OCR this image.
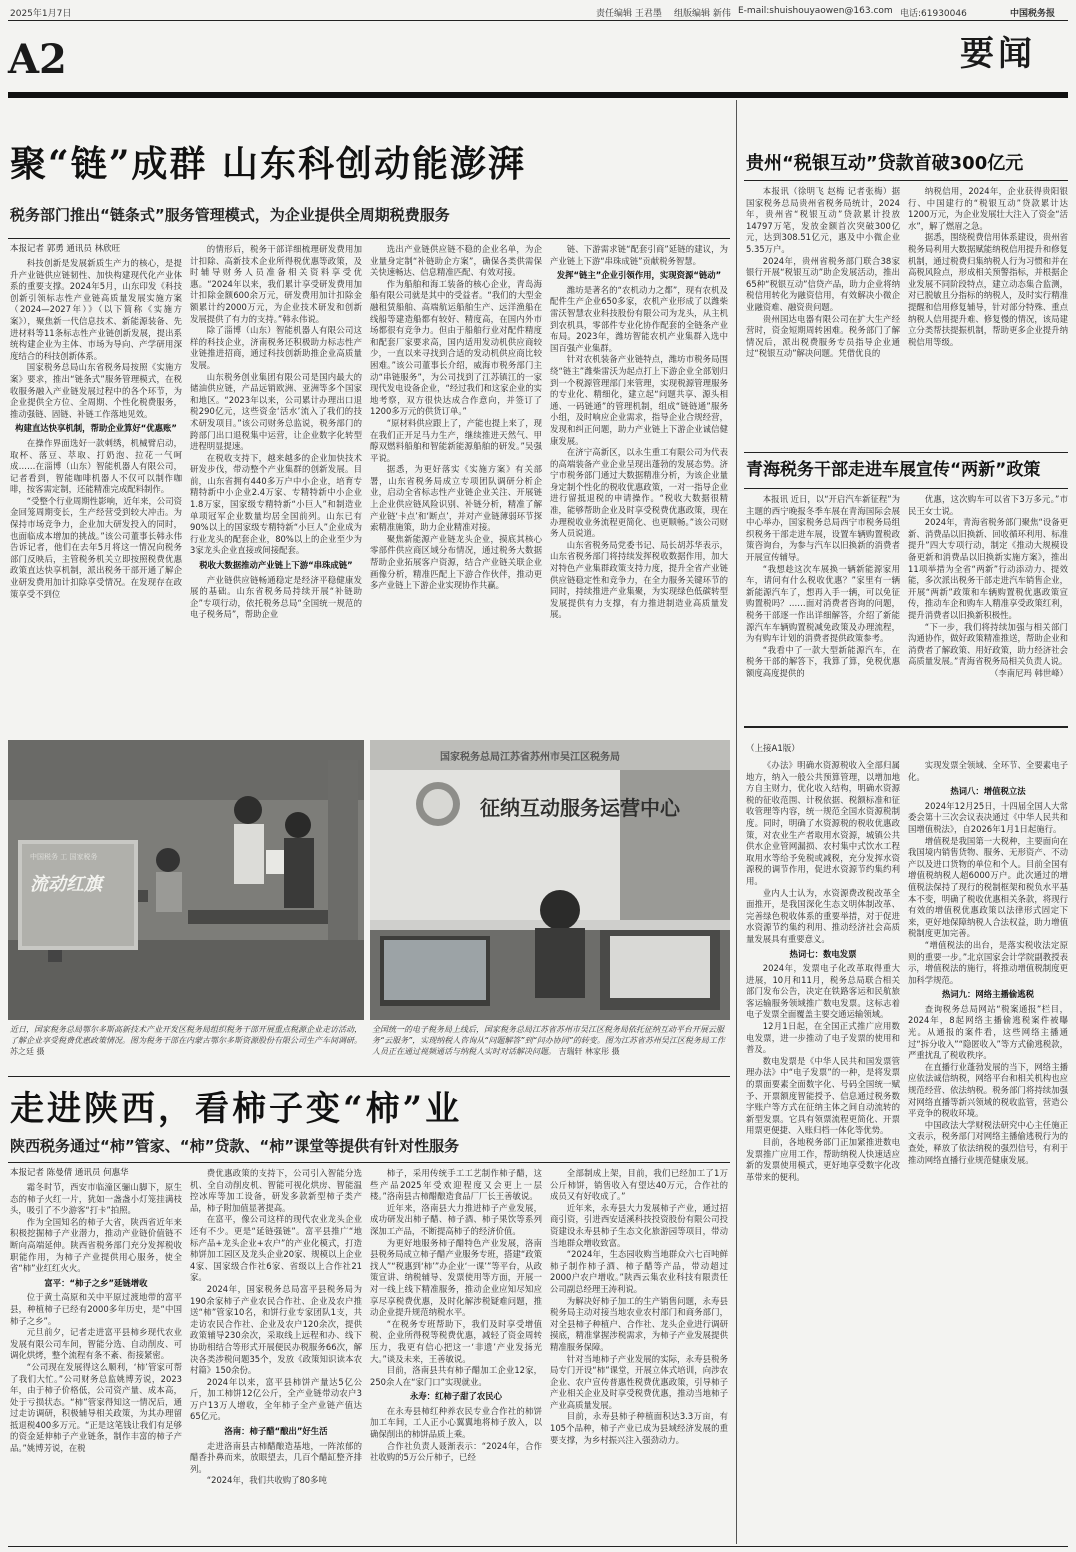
2025年1月7日	责任编辑 王君墨 组版编辑 新伟 E-mail:shuishouyaowen@163.com 电话:61930046	中国税务报
A2	要闻
聚“链”成群 山东科创动能澎湃
税务部门推出“链条式”服务管理模式，为企业提供全周期税费服务
本报记者 郭勇 通讯员 林欣旺

科技创新是发展新质生产力的核心，是提升产业链供应链韧性、加快构建现代化产业体系的重要支撑。2024年5月，山东印发《科技创新引领标志性产业链高质量发展实施方案（2024—2027年）》（以下简称《实施方案》），聚焦新一代信息技术、新能源装备、先进材料等11条标志性产业链创新发展，提出系统构建企业为主体、市场为导向、产学研用深度结合的科技创新体系。

国家税务总局山东省税务局按照《实施方案》要求，推出“链条式”服务管理模式，在税收服务融入产业链发展过程中的各个环节，为企业提供全方位、全周期、个性化税费服务，推动强链、固链、补链工作落地见效。

构建直达快享机制，帮助企业算好“优惠账”

在操作界面选好一款刺绣，机械臂启动，取杯、落豆、萃取、打奶泡、拉花一气呵成……在淄博（山东）智能机器人有限公司，记者看到，智能咖啡机器人不仅可以制作咖啡，按客需定制，还能精准完成配料制作。

“受整个行业周期性影响，近年来，公司资金回笼周期变长，生产经营受到较大冲击。为保持市场竞争力，企业加大研发投入的同时，也面临成本增加的挑战。”该公司董事长韩永伟告诉记者，他们在去年5月将这一情况向税务部门反映后，主管税务机关立即按照税费优惠政策直达快享机制，派出税务干部开通了解企业研发费用加计扣除享受情况。在发现存在政策享受不到位

的情形后，税务干部详细梳理研发费用加计扣除、高新技术企业所得税优惠等政策，及时辅导财务人员准备相关资料享受优惠。“2024年以来，我们累计享受研发费用加计扣除金额600余万元，研发费用加计扣除金额累计约2000万元，为企业技术研发和创新发展提供了有力的支持。”韩永伟说。

除了淄博（山东）智能机器人有限公司这样的科技企业，济南税务还积极助力标志性产业链推进招商，通过科技创新助推企业高质量发展。

山东税务创业集团有限公司是国内最大的储油供应链，产品远销欧洲、亚洲等多个国家和地区。“2023年以来，公司累计办理出口退税290亿元，这些资金‘活水’流入了我们的技术研发项目。”该公司财务总监说，税务部门的跨部门出口退税集中运营，让企业数字化转型进程明显提速。

在税收支持下，越来越多的企业加快技术研发步伐，带动整个产业集群的创新发展。目前，山东省拥有440多万户中小企业，培育专精特新中小企业2.4万家、专精特新中小企业1.8万家，国家级专精特新“小巨人”和制造业单项冠军企业数量均居全国前列。山东已有90%以上的国家级专精特新“小巨人”企业成为行业龙头的配套企业，80%以上的企业至少为3家龙头企业直接或间接配套。

税收大数据推动产业链上下游“串珠成链”

产业链供应链畅通稳定是经济平稳健康发展的基础。山东省税务局持续开展“补链助企”专项行动，依托税务总局“全国统一规范的电子税务局”，帮助企业

选出产业链供应链不稳的企业名单，为企业量身定制“补链助企方案”，确保各类供需保关快速畅达、信息精准匹配、有效对接。

作为船舶和海工装备的核心企业，青岛海船有限公司就是其中的受益者。“我们的大型金融租赁船舶、高端航运船舶生产、远洋渔船在线船等建造船都有较好、精度高，在国内外市场都很有竞争力。但由于船舶行业对配件精度和配套厂家要求高，国内适用发动机供应商较少，一直以来寻找到合适的发动机供应商比较困难。”该公司董事长介绍，威海市税务部门主动“串链服务”，为公司找到了江苏镇江的一家现代发电设备企业，“经过我们和这家企业的实地考察，双方很快达成合作意向，并签订了1200多万元的供货订单。”

“原材料供应跟上了，产能也提上来了，现在我们正开足马力生产，继续推进天然气、甲醇双燃料船舶和智能新能源船舶的研发。”吴强平说。

据悉，为更好落实《实施方案》有关部署，山东省税务局成立专项团队调研分析企业，启动全省标志性产业链企业关注、开展链上企业供应链风险识别、补链分析，精准了解产业链‘卡点’和‘断点’，并对产业链薄弱环节探索精准施策，助力企业精准对接。

聚焦新能源产业链龙头企业，摸底其核心零部件供应商区域分布情况，通过税务大数据帮助企业拓展客户资源，结合产业链关联企业画像分析，精准匹配上下游合作伙伴，推动更多产业链上下游企业实现协作共赢。

链、下游需求链“配套引商”延链的建议，为产业链上下游“串珠成链”贡献税务智慧。

发挥“链主”企业引领作用，实现资源“链动”

潍坊是著名的“农机动力之都”，现有农机及配件生产企业650多家，农机产业形成了以潍柴雷沃智慧农业科技股份有限公司为龙头，从主机到农机具，零部件专业化协作配套的全链条产业布局。2023年，潍坊智能农机产业集群入选中国百强产业集群。

针对农机装备产业链特点，潍坊市税务局围绕“链主”潍柴雷沃为起点打上下游企业全部划归到一个税源管理部门来管理，实现税源管理服务的专业化、精细化，建立起“问题共享、源头相通、一码链通”的管理机制，组成“链链通”服务小组，及时响应企业需求，指导企业合规经营，发现和纠正问题，助力产业链上下游企业诚信健康发展。

在济宁高新区，以永生重工有限公司为代表的高端装备产业企业呈现出蓬勃的发展态势。济宁市税务部门通过大数据精准分析，为该企业量身定制个性化的税收优惠政策，一对一指导企业进行留抵退税的申请操作。“税收大数据很精准，能够帮助企业及时享受税费优惠政策，现在办理税收业务流程更简化、也更顺畅。”该公司财务人员说道。

山东省税务局党委书记、局长胡苏华表示，山东省税务部门将持续发挥税收数据作用，加大对特色产业集群政策支持力度，提升全省产业链供应链稳定性和竞争力，在全力服务关键环节的同时，持续推进产业集聚，为实现绿色低碳转型发展提供有力支撑，有力推进制造业高质量发展。

中国税务 工 国家税务
流动红旗
近日，国家税务总局鄂尔多斯高新技术产业开发区税务局组织税务干部开展重点税源企业走访活动，了解企业享受税费优惠政策情况。图为税务干部在内蒙古鄂尔多斯资源股份有限公司生产车间调研。 苏之廷 摄
国家税务总局江苏省苏州市吴江区税务局
征纳互动服务运营中心
全国统一的电子税务局上线后，国家税务总局江苏省苏州市吴江区税务局依托征纳互动平台开展云服务“云服务”，实现纳税人咨询从“问题解答”到“问办协同”的转变。图为江苏省苏州吴江区税务局工作人员正在通过视频通话与纳税人实时对话解决问题。 吉瑞轩 林家彤 摄
走进陕西，看柿子变“柿”业
陕西税务通过“柿”管家、“柿”贷款、“柿”课堂等提供有针对性服务
本报记者 陈曼倩 通讯员 何惠华

霜冬时节，西安市临潼区骊山脚下，原生态的柿子火红一片，犹如一盏盏小灯笼挂满枝头，吸引了不少游客“打卡”拍照。

作为全国知名的柿子大省，陕西省近年来积极挖掘柿子产业潜力，推动产业链价值链不断向高端延伸。陕西省税务部门充分发挥税收职能作用，为柿子产业提供用心服务，使全省“柿”业红红火火。

富平：“柿子之乡”延链增收

位于黄土高原和关中平原过渡地带的富平县，种植柿子已经有2000多年历史，是“中国柿子之乡”。

元旦前夕，记者走进富平县柿乡现代农业发展有限公司车间，智能分选、自动削皮、可调化烘烤，整个流程有条不紊、衔接紧密。

“公司现在发展得这么顺利，‘柿’管家可帮了我们大忙。”公司财务总监姚博芳说，2023年，由于柿子价格低，公司资产量、成本高，处于亏损状态。“柿”管家得知这一情况后，通过走访调研，积极辅导相关政策，为其办理留抵退税400多万元。“正是这笔钱让我们有足够的资金延伸柿子产业链条，制作丰富的柿子产品。”姚博芳说，在税

费优惠政策的支持下，公司引入智能分选机、全自动削皮机、智能可视化烘房、智能温控冰库等加工设备，研发多款新型柿子类产品，柿子附加值显著提高。

在富平，像公司这样的现代农业龙头企业还有不少。更是“延链强链”。富平县推广“地标产品+龙头企业+农户”的产业化模式，打造柿饼加工园区及龙头企业20家、规模以上企业4家、国家级合作社6家、省级以上合作社21家。

2024年，国家税务总局富平县税务局为190余家柿子产业农民合作社、企业及农户推送“柿”管家10名，和饼行业专家团队1支，共走访农民合作社、企业及农户120余次，提供政策辅导230余次，采取线上远程和办、线下协助相结合等形式开展便民办税服务66次，解决各类涉税问题35个，发放《政策知识读本农村篇》150余份。

2024年以来，富平县柿饼产量达5亿公斤，加工柿饼12亿公斤，全产业链带动农户3万户13万人增收，全年柿子全产业链产值达65亿元。

洛南：柿子醋“酿出”好生活

走进洛南县古柿醋酿造基地，一阵浓郁的醋香扑鼻而来，放眼望去，几百个醋缸整齐排列。

“2024年，我们共收购了80多吨

柿子，采用传统手工工艺制作柿子醋，这些产品2025年受欢迎程度又会更上一层楼。”洛南县古柿醋酿造食品厂厂长王善敏说。

近年来，洛南县大力推进柿子产业发展，成功研发出柿子醋、柿子酒、柿子果饮等系列深加工产品，不断提高柿子的经济价值。

为更好地服务柿子醋特色产业发展，洛南县税务局成立柿子醋产业服务专班，搭建“政策找人”“税惠到‘柿’”办企业‘一课’”等平台，从政策宣讲、纳税辅导、发票使用等方面，开展一对一线上线下精准服务，推动企业应知尽知应享尽享税费优惠，及时化解涉税疑难问题，推动企业提升规范纳税水平。

“在税务专班帮助下，我们及时享受增值税、企业所得税等税费优惠，减轻了资金周转压力，我更有信心把这一‘非遗’产业发扬光大。”谈及未来，王善敏说。

目前，洛南县共有柿子醋加工企业12家，250余人在“家门口”实现就业。

永寿：红柿子甜了农民心

在永寿县柿红种养农民专业合作社的柿饼加工车间，工人正小心翼翼地将柿子放入，以确保削出的柿饼品质上乘。

合作社负责人聂渐表示：“2024年，合作社收购的5万公斤柿子，已经

全部制成上架，目前，我们已经加工了1万公斤柿饼，销售收入有望达40万元，合作社的成员又有好收成了。”

近年来，永寿县大力发展柿子产业，通过招商引资，引进西安适溪科技投资股份有限公司投资建设永寿县柿子生态文化旅游园等项目，带动当地群众增收致富。

“2024年，生态园收购当地群众六七百吨鲜柿子制作柿子酒、柿子醋等产品，带动超过2000户农户增收。”陕西云集农业科技有限责任公司副总经理王涛利说。

为解决好柿子加工的生产销售问题，永寿县税务局主动对接当地农业农村部门和商务部门，对全县柿子种植户、合作社、龙头企业进行调研摸底，精准掌握涉税需求，为柿子产业发展提供精准服务保障。

针对当地柿子产业发展的实际，永寿县税务局专门开设“柿”课堂，开展立体式培训，向涉农企业、农户宣传普惠性税费优惠政策，引导柿子产业相关企业及时享受税费优惠，推动当地柿子产业高质量发展。

目前，永寿县柿子种植面积达3.3万亩，有105个品种，柿子产业已成为县域经济发展的重要支撑，为乡村振兴注入强劲动力。

贵州“税银互动”贷款首破300亿元

本报讯（徐明飞 赵梅 记者张梅）据国家税务总局贵州省税务局统计，2024年，贵州省“税银互动”贷款累计投放14797万笔，发放金额首次突破300亿元，达到308.51亿元，惠及中小微企业5.35万户。

2024年，贵州省税务部门联合38家银行开展“税银互动”助企发展活动，推出65种“税银互动”信贷产品，助力企业将纳税信用转化为融资信用，有效解决小微企业融资难、融资贵问题。

贵州国达电器有限公司在扩大生产经营时，资金短期周转困难。税务部门了解情况后，派出税费服务专员指导企业通过“税银互动”解决问题。凭借优良的

纳税信用，2024年，企业获得贵阳银行、中国建行的“税银互动”贷款累计达1200万元，为企业发展壮大注入了资金“活水”，解了燃眉之急。

据悉，围绕税费信用体系建设，贵州省税务局利用大数据赋能纳税信用提升和修复机制，通过税费归集纳税人行为习惯和并在高税风险点，形成相关预警指标，并根据企业发展不同阶段特点，建立动态集合监测，对已脱敏且分指标的纳税人，及时实行精准提醒和信用修复辅导，针对部分特殊、重点纳税人信用提升难、修复慢的情况，该局建立分类帮扶提振机制，帮助更多企业提升纳税信用等级。

青海税务干部走进车展宣传“两新”政策

本报讯 近日，以“开启汽车新征程”为主题的西宁晚报冬季车展在青海国际会展中心举办，国家税务总局西宁市税务局组织税务干部走进车展，设置车辆购置税政策咨询台，为参与汽车以旧换新的消费者开展宣传辅导。

“我想趁这次车展换一辆新能源家用车，请问有什么税收优惠？”家里有一辆新能源汽车了，想再入手一辆，可以免征购置税吗？……面对消费者咨询的问题，税务干部逐一作出详细解答，介绍了新能源汽车车辆购置税减免政策及办理流程，为有购车计划的消费者提供政策参考。

“我看中了一款大型新能源汽车，在税务干部的解答下，我算了算，免税优惠额度高度提供的

优惠，这次购车可以省下3万多元。”市民王女士说。

2024年，青海省税务部门聚焦“设备更新、消费品以旧换新、回收循环利用、标准提升”四大专项行动，制定《推动大规模设备更新和消费品以旧换新实施方案》，推出11项举措为全省“两新”行动添动力、提效能，多次派出税务干部走进汽车销售企业，开展“两新”政策和车辆购置税优惠政策宣传，推动车企和购车人精准享受政策红利，提升消费者以旧换新积极性。

“下一步，我们将持续加强与相关部门沟通协作，做好政策精准推送，帮助企业和消费者了解政策、用好政策，助力经济社会高质量发展。”青海省税务局相关负责人说。

（李南尼玛 韩世峰）

（上接A1版）

《办法》明确水资源税收入全部归属地方，纳入一般公共预算管理，以增加地方自主财力，优化收入结构，明确水资源税的征收范围、计税依据、税额标准和征收管理等内容，统一规范全国水资源税制度。同时，明确了水资源税的税收优惠政策，对农业生产者取用水资源，城镇公共供水企业管网漏损、农村集中式饮水工程取用水等给予免税或减税，充分发挥水资源税的调节作用，促进水资源节约集约利用。

业内人士认为，水资源费改税改革全面推开，是我国深化生态文明体制改革、完善绿色税收体系的重要举措，对于促进水资源节约集约利用、推动经济社会高质量发展具有重要意义。

热词七：数电发票

2024年，发票电子化改革取得重大进展，10月和11月，税务总局联合相关部门发布公告，决定在铁路客运和民航旅客运输服务领域推广数电发票。这标志着电子发票全面覆盖主要交通运输领域。

12月1日起，在全国正式推广应用数电发票，进一步推动了电子发票的使用和普及。

数电发票是《中华人民共和国发票管理办法》中“电子发票”的一种，是将发票的票面要素全面数字化、号码全国统一赋予、开票额度智能授予、信息通过税务数字账户等方式在征纳主体之间自动流转的新型发票。它具有领票流程更简化、开票用票更便捷、入账归档一体化等优势。

目前，各地税务部门正加紧推进数电发票推广应用工作，帮助纳税人快速适应新的发票使用模式，更好地享受数字化改革带来的便利。

实现发票全领域、全环节、全要素电子化。

热词八：增值税立法

2024年12月25日，十四届全国人大常委会第十三次会议表决通过《中华人民共和国增值税法》，自2026年1月1日起施行。

增值税是我国第一大税种，主要面向在我国境内销售货物、服务、无形资产、不动产以及进口货物的单位和个人。目前全国有增值税纳税人超6000万户。此次通过的增值税法保持了现行的税制框架和税负水平基本不变，明确了税收优惠相关条款，将现行有效的增值税优惠政策以法律形式固定下来，更好地保障纳税人合法权益，助力增值税制度更加完善。

“增值税法的出台，是落实税收法定原则的重要一步。”北京国家会计学院副教授表示，增值税法的施行，将推动增值税制度更加科学规范。

热词九：网络主播偷逃税

查询税务总局网站“税案通报”栏目，2024年，8起网络主播偷逃税案件被曝光。从通报的案件看，这些网络主播通过“拆分收入”“隐匿收入”等方式偷逃税款，严重扰乱了税收秩序。

在直播行业蓬勃发展的当下，网络主播应依法诚信纳税，网络平台和相关机构也应规范经营、依法纳税。税务部门将持续加强对网络直播等新兴领域的税收监管，营造公平竞争的税收环境。

中国政法大学财税法研究中心主任施正文表示，税务部门对网络主播偷逃税行为的查处，释放了依法纳税的强烈信号，有利于推动网络直播行业规范健康发展。
